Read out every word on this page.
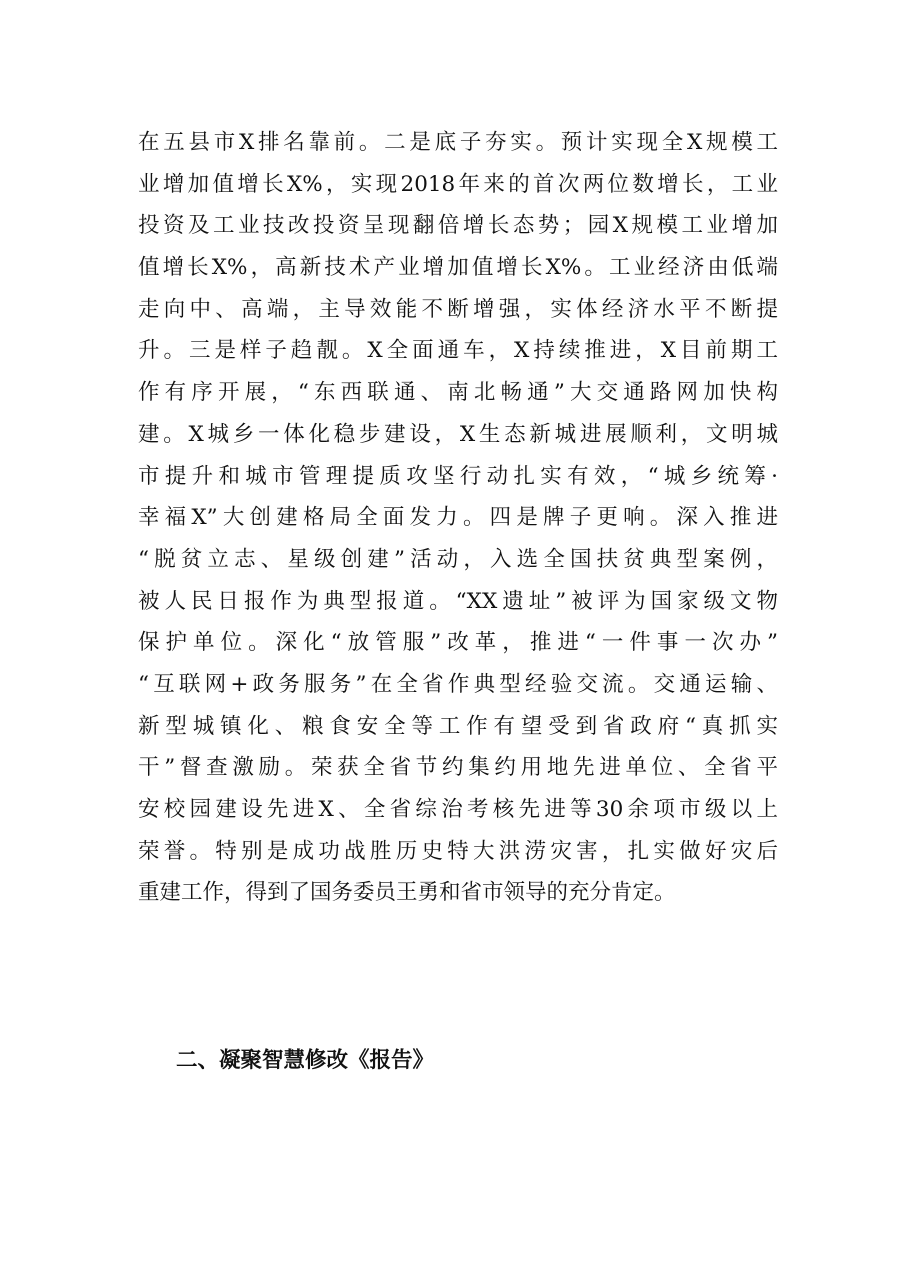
在五县市X排名靠前。二是底子夯实。预计实现全X规模工
业增加值增长X%，实现2018年来的首次两位数增长，工业
投资及工业技改投资呈现翻倍增长态势；园X规模工业增加
值增长X%，高新技术产业增加值增长X%。工业经济由低端
走向中、高端，主导效能不断增强，实体经济水平不断提
升。三是样子趋靓。X全面通车，X持续推进，X目前期工
作有序开展，“东西联通、南北畅通”大交通路网加快构
建。X城乡一体化稳步建设，X生态新城进展顺利，文明城
市提升和城市管理提质攻坚行动扎实有效，“城乡统筹·
幸福X”大创建格局全面发力。四是牌子更响。深入推进
“脱贫立志、星级创建”活动，入选全国扶贫典型案例，
被人民日报作为典型报道。“XX遗址”被评为国家级文物
保护单位。深化“放管服”改革，推进“一件事一次办”
“互联网+政务服务”在全省作典型经验交流。交通运输、
新型城镇化、粮食安全等工作有望受到省政府“真抓实
干”督查激励。荣获全省节约集约用地先进单位、全省平
安校园建设先进X、全省综治考核先进等30余项市级以上
荣誉。特别是成功战胜历史特大洪涝灾害，扎实做好灾后
重建工作，得到了国务委员王勇和省市领导的充分肯定。
二、凝聚智慧修改《报告》
